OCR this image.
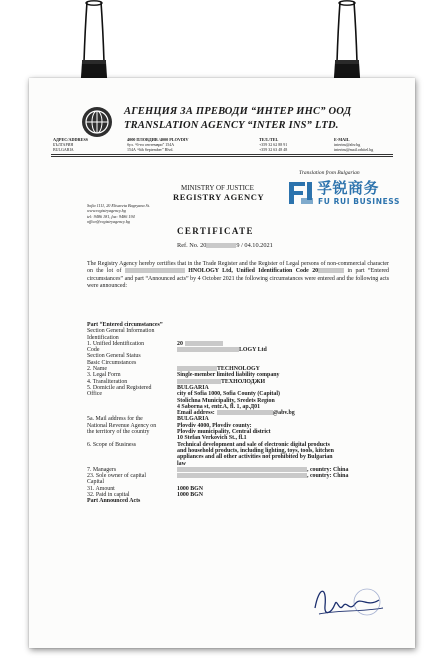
АГЕНЦИЯ ЗА ПРЕВОДИ “ИНТЕР ИНС” ООД
TRANSLATION AGENCY “INTER INS” LTD.
АДРЕС/ADDRESS
БЪЛГАРИЯ
BULGARIA
4000 ПЛОВДИВ /4000 PLOVDIV
бул. “6-ти септември” 154А
154А “6th September” Blvd.
ТЕЛ./TEL
+359 32 62 88 91
+359 32 63 48 48
E-MAIL
interins@abv.bg
interins@mail.orbitel.bg
Translation from Bulgarian
MINISTRY OF JUSTICE
REGISTRY AGENCY	孚锐商务
FU RUI BUSINESS
Sofia 1111, 20 Elisaveta Bagryana St.
www.registryagency.bg
tel: 9486 181, fax: 9486 194
office@registryagency.bg
CERTIFICATE
Ref. No. 20	9 / 04.10.2021
The Registry Agency hereby certifies that in the Trade Register and the Register of Legal persons of non-commercial character on the lot of	HNOLOGY Ltd, Unified Identification Code 20	in part “Entered circumstances” and part “Announced acts” by 4 October 2021 the following circumstances were entered and the following acts were announced:
Part “Entered circumstances”
Section General Information
Identification
1. Unified Identification	20
Code	LOGY Ltd
Section General Status
Basic Circumstances
2. Name	TECHNOLOGY
3. Legal Form	Single-member limited liability company
4. Transliteration	ТЕХНОЛОДЖИ
5. Domicile and Registered	BULGARIA
Office	city of Sofia 1000, Sofia County (Capital)
Stolichna Municipality, Sredets Region
4 Saborna st, entr.A, fl. 1, ap.Д01
Email address:	@abv.bg
5a. Mail address for the	BULGARIA
National Revenue Agency on	Plovdiv 4000, Plovdiv county:
the territory of the country	Plovdiv municipality, Central district
10 Stefan Verkovich St., fl.1
6. Scope of Business	Technical development and sale of electronic digital products
and household products, including lighting, toys, tools, kitchen
appliances and all other activities not prohibited by Bulgarian
law
7. Managers	, country: China
23. Sole owner of capital	, country: China
Capital
31. Amount	1000 BGN
32. Paid in capital	1000 BGN
Part Announced Acts
